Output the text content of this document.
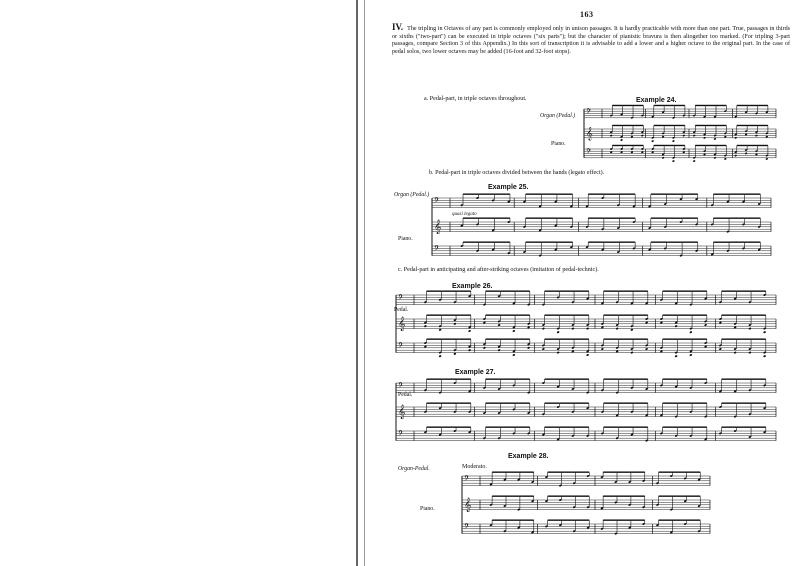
163
IV. The tripling in Octaves of any part is commonly employed only in unison passages. It is hardly practicable with more than one part. True, passages in thirds or sixths ("two-part") can be executed in triple octaves ("six parts"); but the character of pianistic bravura is then altogether too marked. (For tripling 3-part passages, compare Section 3 of this Appendix.) In this sort of transcription it is advisable to add a lower and a higher octave to the original part. In the case of pedal solos, two lower octaves may be added (16-foot and 32-foot stops).
a. Pedal-part, in triple octaves throughout.	Example 24.
Organ (Pedal.)
Piano.
𝄢
𝄞
𝄢
b. Pedal-part in triple octaves divided between the hands (legato effect).
Example 25.
Organ (Pedal.)
Piano.
quasi legato
𝄢
𝄞
𝄢
c. Pedal-part in anticipating and after-striking octaves (imitation of pedal-technic).
Example 26.
Pedal.
𝄢
𝄞
𝄢
Example 27.
Pedal.
𝄢
𝄞
𝄢
Example 28.
Moderato.
Organ-Pedal.
Piano.
𝄢
𝄞
𝄢
